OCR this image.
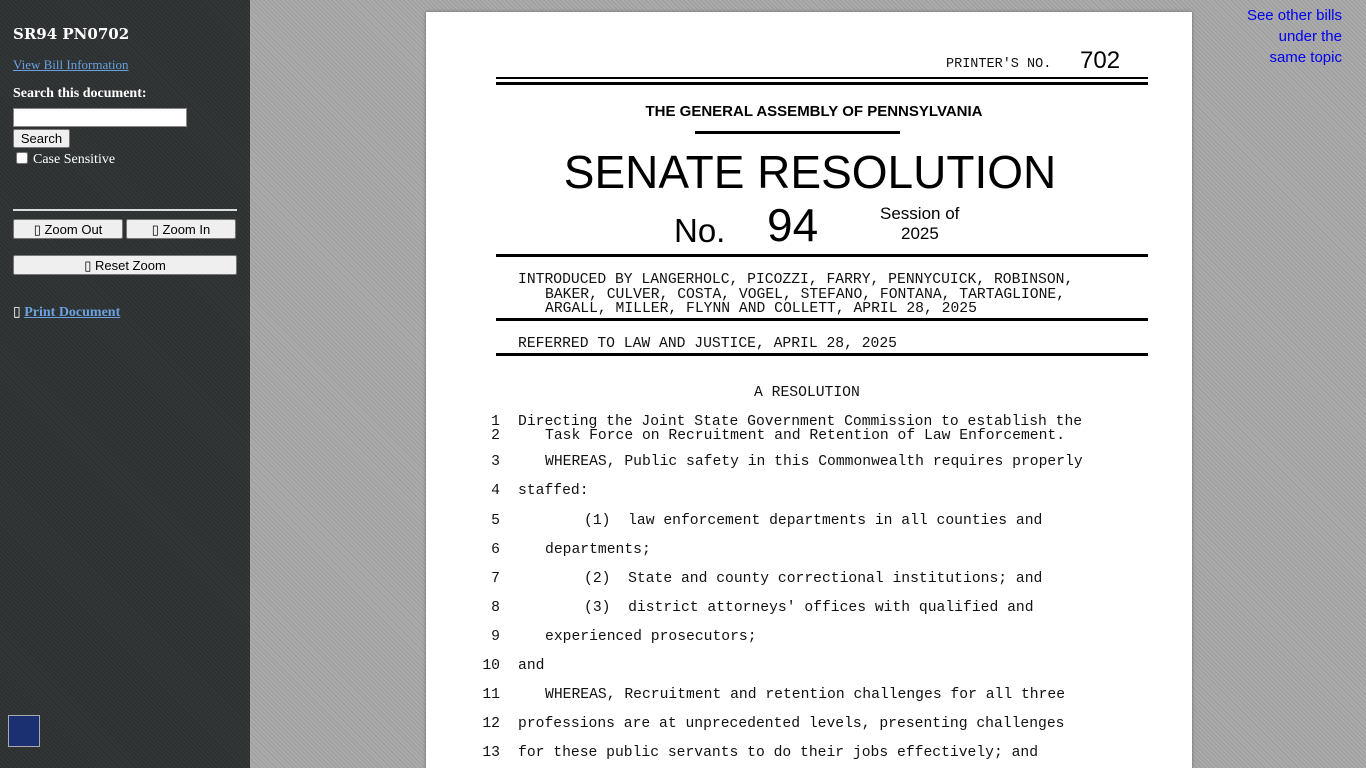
SR94 PN0702
View Bill Information
Search this document:
Search
Case Sensitive
▯ Zoom Out	▯ Zoom In
▯ Reset Zoom
▯ Print Document
See other bills
under the
same topic
PRINTER'S NO. 702
THE GENERAL ASSEMBLY OF PENNSYLVANIA
SENATE RESOLUTION
No. 94	Session of
2025
INTRODUCED BY LANGERHOLC, PICOZZI, FARRY, PENNYCUICK, ROBINSON,
BAKER, CULVER, COSTA, VOGEL, STEFANO, FONTANA, TARTAGLIONE,
ARGALL, MILLER, FLYNN AND COLLETT, APRIL 28, 2025
REFERRED TO LAW AND JUSTICE, APRIL 28, 2025
A RESOLUTION
1 Directing the Joint State Government Commission to establish the
2	Task Force on Recruitment and Retention of Law Enforcement.
3	WHEREAS, Public safety in this Commonwealth requires properly
4 staffed:
5	(1)  law enforcement departments in all counties and
6	departments;
7	(2)  State and county correctional institutions; and
8	(3)  district attorneys' offices with qualified and
9	experienced prosecutors;
10 and
11	WHEREAS, Recruitment and retention challenges for all three
12 professions are at unprecedented levels, presenting challenges
13 for these public servants to do their jobs effectively; and
